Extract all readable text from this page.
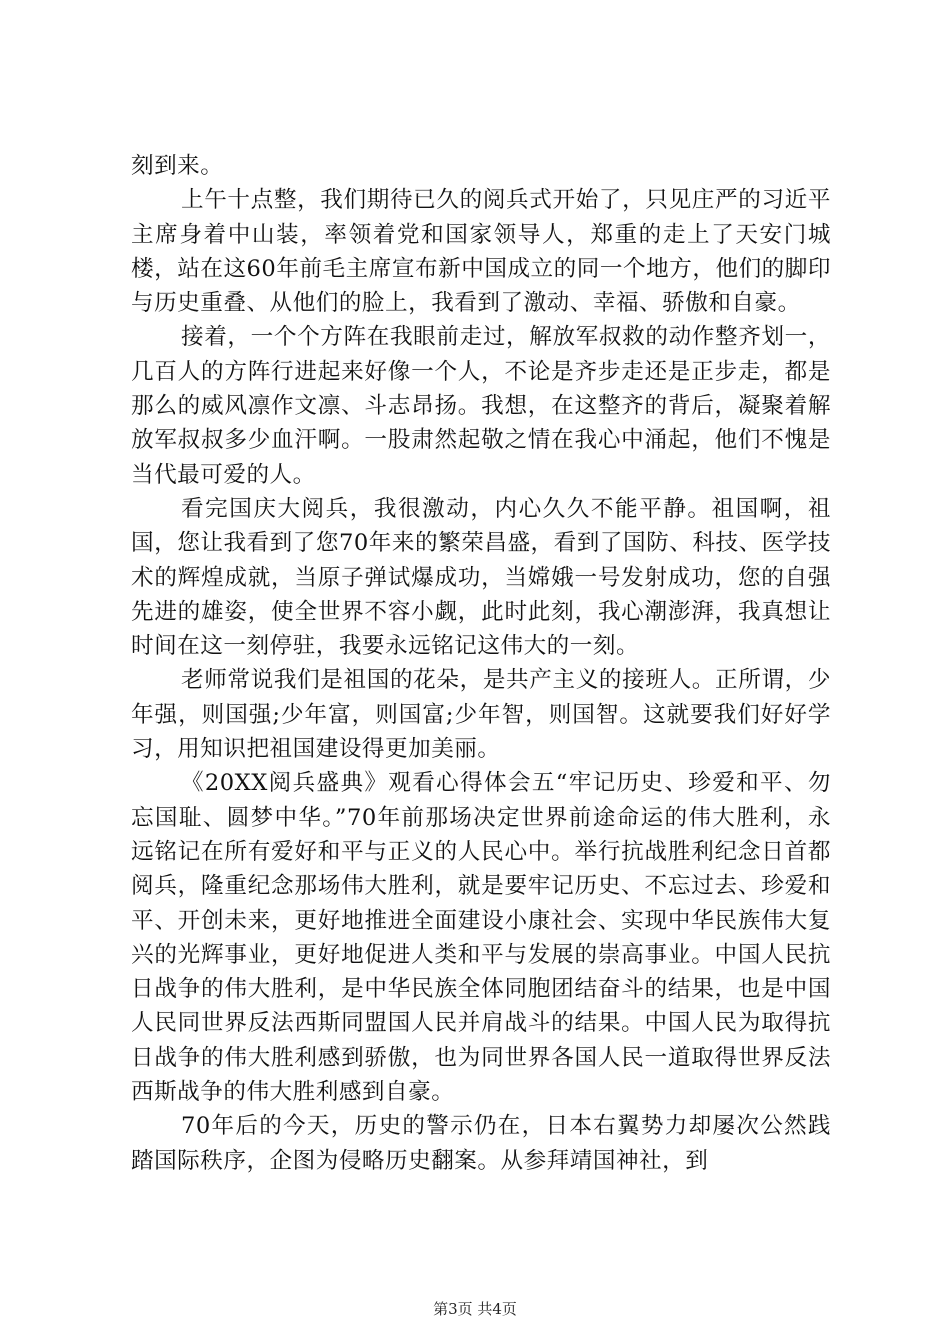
刻到来。

上午十点整，我们期待已久的阅兵式开始了，只见庄严的习近平主席身着中山装，率领着党和国家领导人，郑重的走上了天安门城楼，站在这60年前毛主席宣布新中国成立的同一个地方，他们的脚印与历史重叠、从他们的脸上，我看到了激动、幸福、骄傲和自豪。

接着，一个个方阵在我眼前走过，解放军叔救的动作整齐划一，几百人的方阵行进起来好像一个人，不论是齐步走还是正步走，都是那么的威风凛作文凛、斗志昂扬。我想，在这整齐的背后，凝聚着解放军叔叔多少血汗啊。一股肃然起敬之情在我心中涌起，他们不愧是当代最可爱的人。

看完国庆大阅兵，我很激动，内心久久不能平静。祖国啊，祖国，您让我看到了您70年来的繁荣昌盛，看到了国防、科技、医学技术的辉煌成就，当原子弹试爆成功，当嫦娥一号发射成功，您的自强先进的雄姿，使全世界不容小觑，此时此刻，我心潮澎湃，我真想让时间在这一刻停驻，我要永远铭记这伟大的一刻。

老师常说我们是祖国的花朵，是共产主义的接班人。正所谓，少年强，则国强;少年富，则国富;少年智，则国智。这就要我们好好学习，用知识把祖国建设得更加美丽。

《20XX阅兵盛典》观看心得体会五“牢记历史、珍爱和平、勿忘国耻、圆梦中华。”70年前那场决定世界前途命运的伟大胜利，永远铭记在所有爱好和平与正义的人民心中。举行抗战胜利纪念日首都阅兵，隆重纪念那场伟大胜利，就是要牢记历史、不忘过去、珍爱和平、开创未来，更好地推进全面建设小康社会、实现中华民族伟大复兴的光辉事业，更好地促进人类和平与发展的崇高事业。中国人民抗日战争的伟大胜利，是中华民族全体同胞团结奋斗的结果，也是中国人民同世界反法西斯同盟国人民并肩战斗的结果。中国人民为取得抗日战争的伟大胜利感到骄傲，也为同世界各国人民一道取得世界反法西斯战争的伟大胜利感到自豪。

70年后的今天，历史的警示仍在，日本右翼势力却屡次公然践踏国际秩序，企图为侵略历史翻案。从参拜靖国神社，到

第3页 共4页
